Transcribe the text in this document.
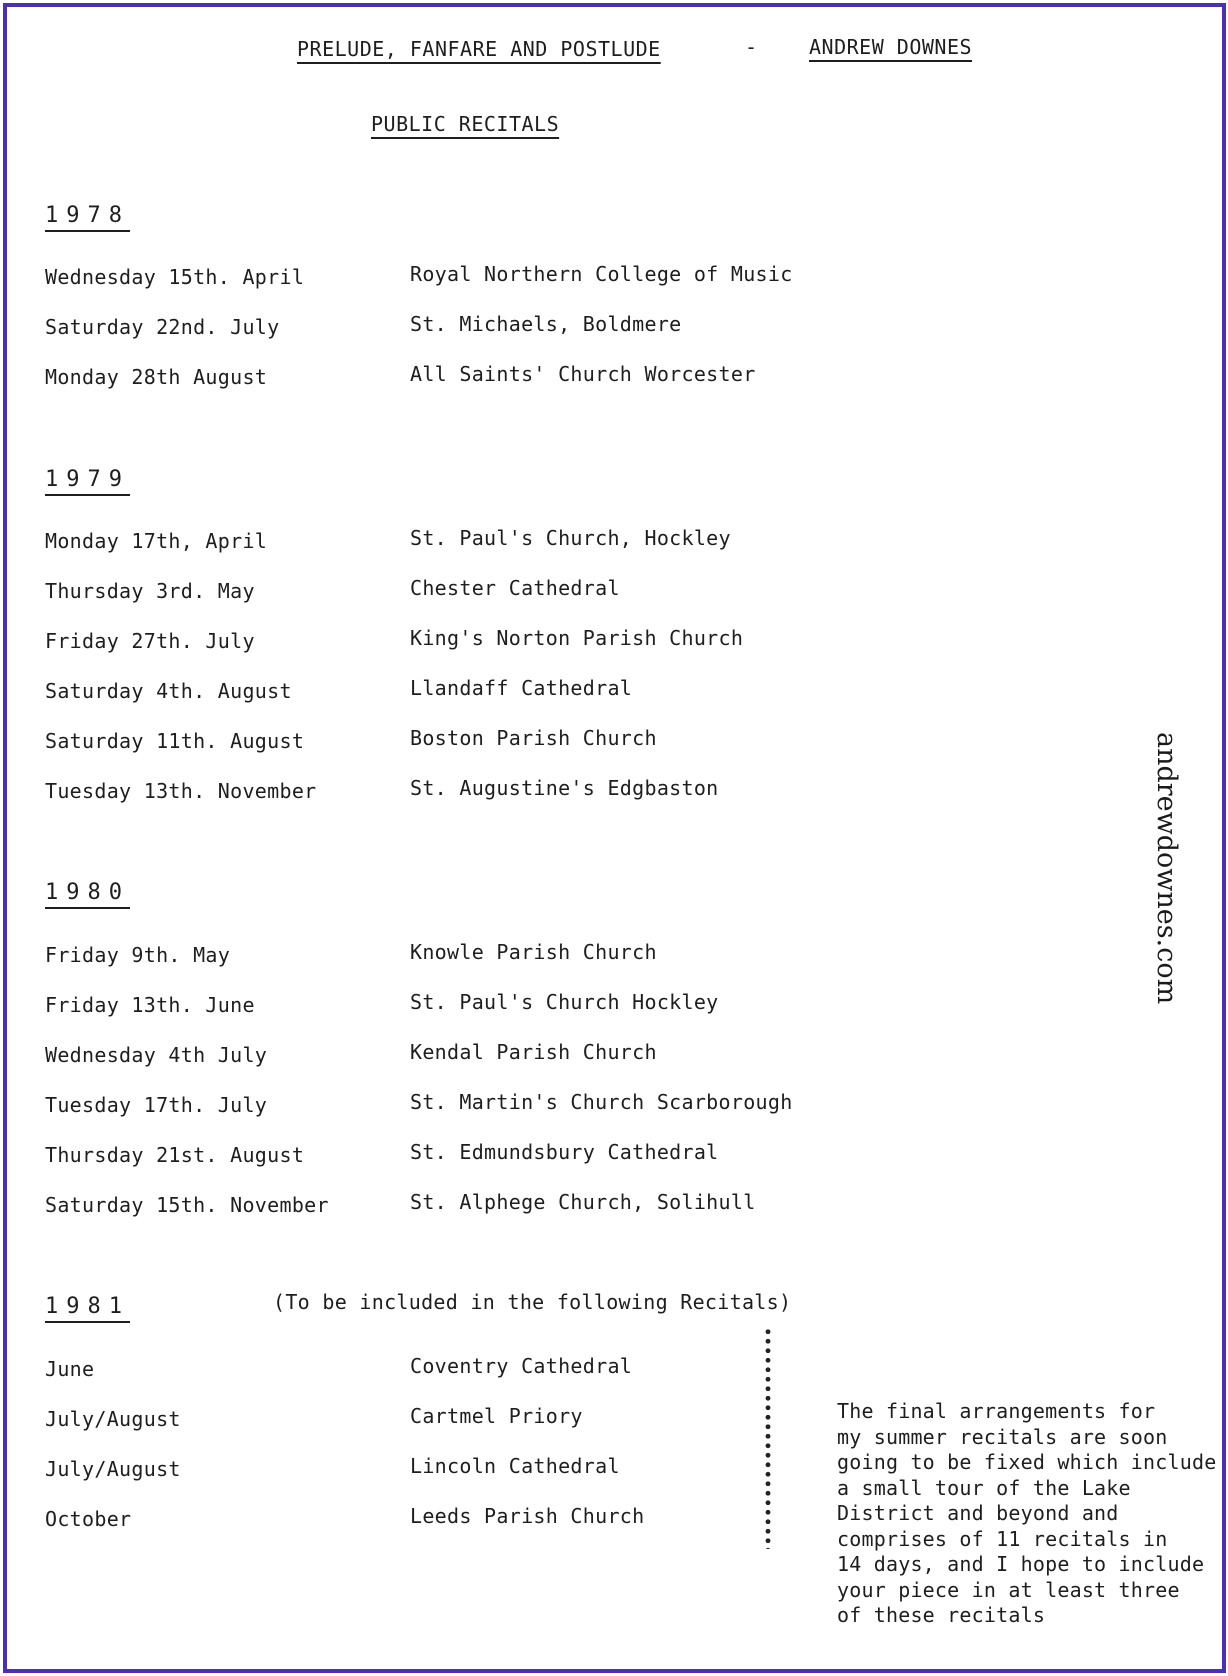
PRELUDE, FANFARE AND POSTLUDE	-	ANDREW DOWNES
PUBLIC RECITALS
1978
Wednesday 15th. April	Royal Northern College of Music
Saturday 22nd. July	St. Michaels, Boldmere
Monday 28th August	All Saints' Church Worcester
1979
Monday 17th, April	St. Paul's Church, Hockley
Thursday 3rd. May	Chester Cathedral
Friday 27th. July	King's Norton Parish Church
Saturday 4th. August	Llandaff Cathedral
Saturday 11th. August	Boston Parish Church
Tuesday 13th. November	St. Augustine's Edgbaston
1980
Friday 9th. May	Knowle Parish Church
Friday 13th. June	St. Paul's Church Hockley
Wednesday 4th July	Kendal Parish Church
Tuesday 17th. July	St. Martin's Church Scarborough
Thursday 21st. August	St. Edmundsbury Cathedral
Saturday 15th. November	St. Alphege Church, Solihull
1981	(To be included in the following Recitals)
June	Coventry Cathedral
July/August	Cartmel Priory
July/August	Lincoln Cathedral
October	Leeds Parish Church
The final arrangements for
my summer recitals are soon
going to be fixed which include
a small tour of the Lake
District and beyond and
comprises of 11 recitals in
14 days, and I hope to include
your piece in at least three
of these recitals
andrewdownes.com
